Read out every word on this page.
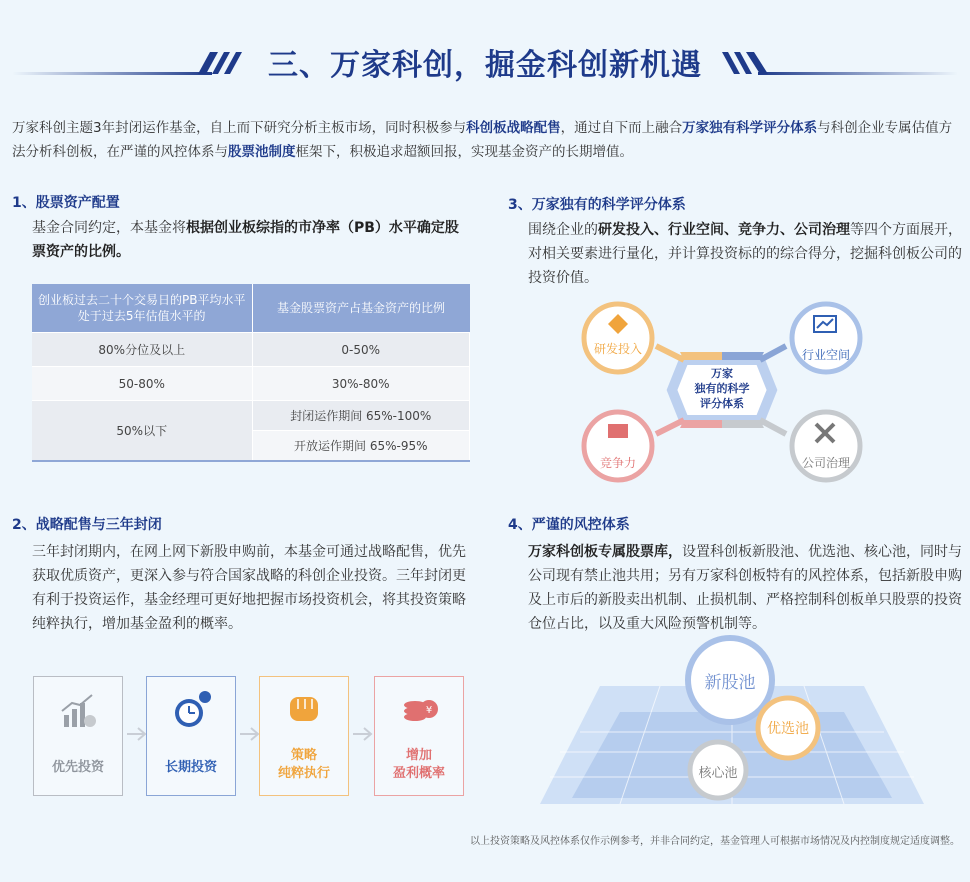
三、万家科创，掘金科创新机遇
万家科创主题3年封闭运作基金，自上而下研究分析主板市场，同时积极参与科创板战略配售，通过自下而上融合万家独有科学评分体系与科创企业专属估值方法分析科创板，在严谨的风控体系与股票池制度框架下，积极追求超额回报，实现基金资产的长期增值。
1、股票资产配置
基金合同约定，本基金将根据创业板综指的市净率（PB）水平确定股票资产的比例。
创业板过去二十个交易日的PB平均水平处于过去5年估值水平的	基金股票资产占基金资产的比例
80%分位及以上	0-50%
50-80%	30%-80%
50%以下	封闭运作期间 65%-100%
	开放运作期间 65%-95%
2、战略配售与三年封闭
三年封闭期内，在网上网下新股申购前，本基金可通过战略配售，优先获取优质资产，更深入参与符合国家战略的科创企业投资。三年封闭更有利于投资运作，基金经理可更好地把握市场投资机会，将其投资策略纯粹执行，增加基金盈利的概率。
优先投资	长期投资
策略
纯粹执行
¥
增加
盈利概率
3、万家独有的科学评分体系
围绕企业的研发投入、行业空间、竞争力、公司治理等四个方面展开，对相关要素进行量化，并计算投资标的的综合得分，挖掘科创板公司的投资价值。
万家
独有的科学
评分体系
研发投入	行业空间
竞争力	公司治理
4、严谨的风控体系
万家科创板专属股票库，设置科创板新股池、优选池、核心池，同时与公司现有禁止池共用；另有万家科创板特有的风控体系，包括新股申购及上市后的新股卖出机制、止损机制、严格控制科创板单只股票的投资仓位占比，以及重大风险预警机制等。
新股池
优选池
核心池
以上投资策略及风控体系仅作示例参考，并非合同约定，基金管理人可根据市场情况及内控制度规定适度调整。
